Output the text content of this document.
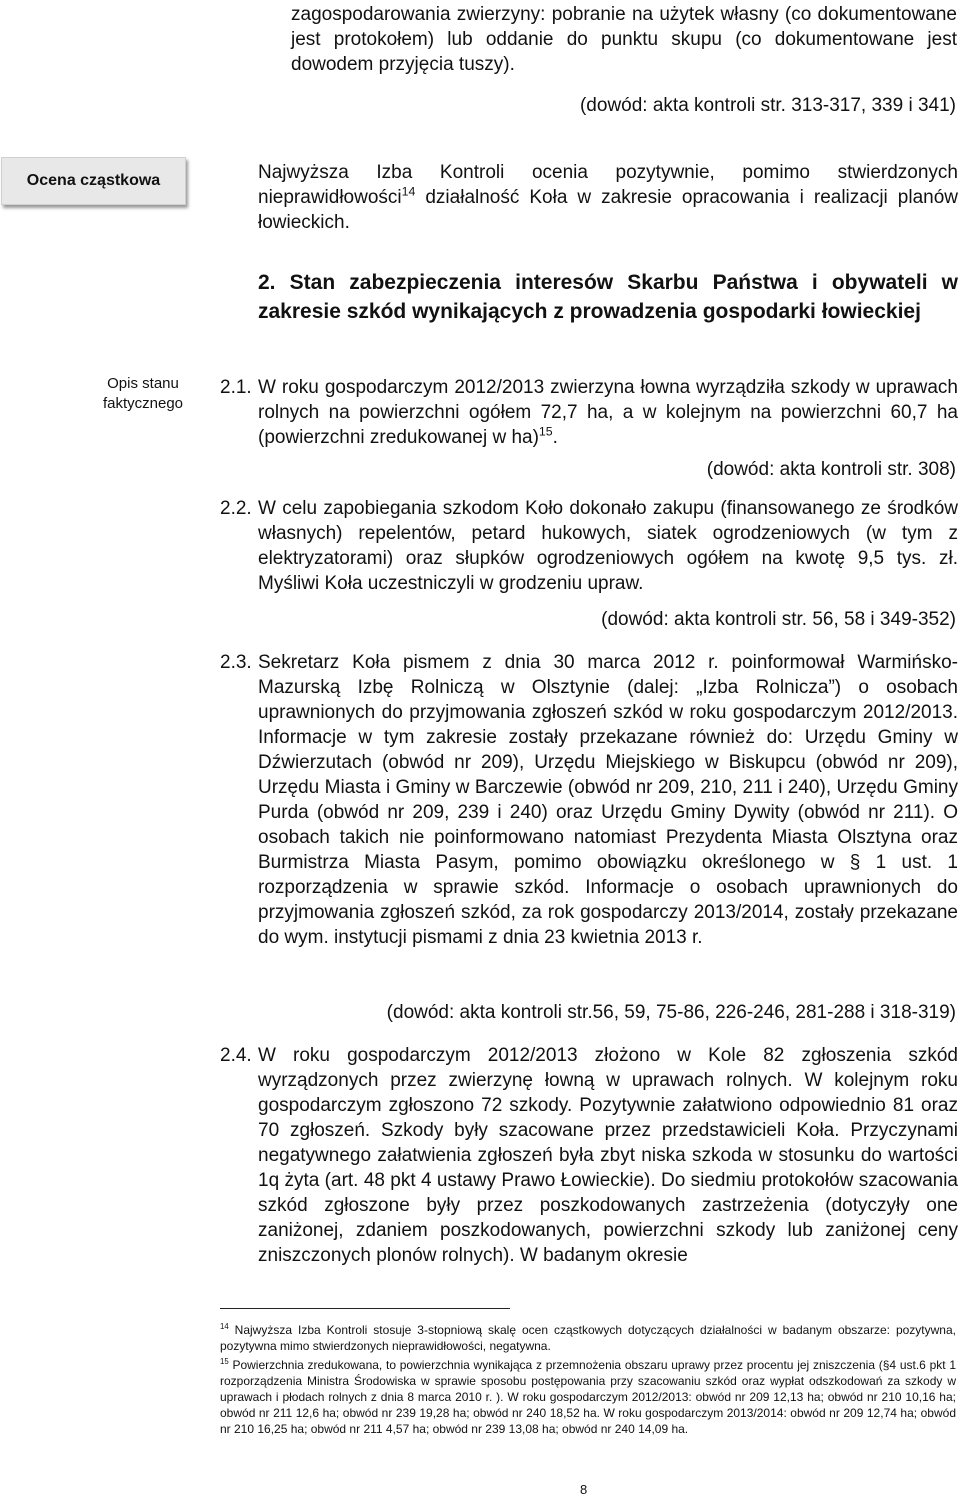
zagospodarowania zwierzyny: pobranie na użytek własny (co dokumentowane jest protokołem) lub oddanie do punktu skupu (co dokumentowane jest dowodem przyjęcia tuszy).
(dowód: akta kontroli str. 313-317, 339 i 341)
Ocena cząstkowa
Opis stanu faktycznego
Najwyższa Izba Kontroli ocenia pozytywnie, pomimo stwierdzonych nieprawidłowości$^{14}$ działalność Koła w zakresie opracowania i realizacji planów łowieckich.
2. Stan zabezpieczenia interesów Skarbu Państwa i obywateli w zakresie szkód wynikających z prowadzenia gospodarki łowieckiej
2.1. W roku gospodarczym 2012/2013 zwierzyna łowna wyrządziła szkody w uprawach rolnych na powierzchni ogółem 72,7 ha, a w kolejnym na powierzchni 60,7 ha (powierzchni zredukowanej w ha)$^{15}$.
(dowód: akta kontroli str. 308)
2.2. W celu zapobiegania szkodom Koło dokonało zakupu (finansowanego ze środków własnych) repelentów, petard hukowych, siatek ogrodzeniowych (w tym z elektryzatorami) oraz słupków ogrodzeniowych ogółem na kwotę 9,5 tys. zł. Myśliwi Koła uczestniczyli w grodzeniu upraw.
(dowód: akta kontroli str. 56, 58 i 349-352)
2.3. Sekretarz Koła pismem z dnia 30 marca 2012 r. poinformował Warmińsko-Mazurską Izbę Rolniczą w Olsztynie (dalej: „Izba Rolnicza”) o osobach uprawnionych do przyjmowania zgłoszeń szkód w roku gospodarczym 2012/2013. Informacje w tym zakresie zostały przekazane również do: Urzędu Gminy w Dźwierzutach (obwód nr 209), Urzędu Miejskiego w Biskupcu (obwód nr 209), Urzędu Miasta i Gminy w Barczewie (obwód nr 209, 210, 211 i 240), Urzędu Gminy Purda (obwód nr 209, 239 i 240) oraz Urzędu Gminy Dywity (obwód nr 211). O osobach takich nie poinformowano natomiast Prezydenta Miasta Olsztyna oraz Burmistrza Miasta Pasym, pomimo obowiązku określonego w § 1 ust. 1 rozporządzenia w sprawie szkód. Informacje o osobach uprawnionych do przyjmowania zgłoszeń szkód, za rok gospodarczy 2013/2014, zostały przekazane do wym. instytucji pismami z dnia 23 kwietnia 2013 r.
(dowód: akta kontroli str.56, 59, 75-86, 226-246, 281-288 i 318-319)
2.4. W roku gospodarczym 2012/2013 złożono w Kole 82 zgłoszenia szkód wyrządzonych przez zwierzynę łowną w uprawach rolnych. W kolejnym roku gospodarczym zgłoszono 72 szkody. Pozytywnie załatwiono odpowiednio 81 oraz 70 zgłoszeń. Szkody były szacowane przez przedstawicieli Koła. Przyczynami negatywnego załatwienia zgłoszeń była zbyt niska szkoda w stosunku do wartości 1q żyta (art. 48 pkt 4 ustawy Prawo Łowieckie). Do siedmiu protokołów szacowania szkód zgłoszone były przez poszkodowanych zastrzeżenia (dotyczyły one zaniżonej, zdaniem poszkodowanych, powierzchni szkody lub zaniżonej ceny zniszczonych plonów rolnych). W badanym okresie
$^{14}$ Najwyższa Izba Kontroli stosuje 3-stopniową skalę ocen cząstkowych dotyczących działalności w badanym obszarze: pozytywna, pozytywna mimo stwierdzonych nieprawidłowości, negatywna.
$^{15}$ Powierzchnia zredukowana, to powierzchnia wynikająca z przemnożenia obszaru uprawy przez procentu jej zniszczenia (§4 ust.6 pkt 1 rozporządzenia Ministra Środowiska w sprawie sposobu postępowania przy szacowaniu szkód oraz wypłat odszkodowań za szkody w uprawach i płodach rolnych z dnia 8 marca 2010 r. ). W roku gospodarczym 2012/2013: obwód nr 209 12,13 ha; obwód nr 210 10,16 ha; obwód nr 211 12,6 ha; obwód nr 239 19,28 ha; obwód nr 240 18,52 ha. W roku gospodarczym 2013/2014: obwód nr 209 12,74 ha; obwód nr 210 16,25 ha; obwód nr 211 4,57 ha; obwód nr 239 13,08 ha; obwód nr 240 14,09 ha.
8
